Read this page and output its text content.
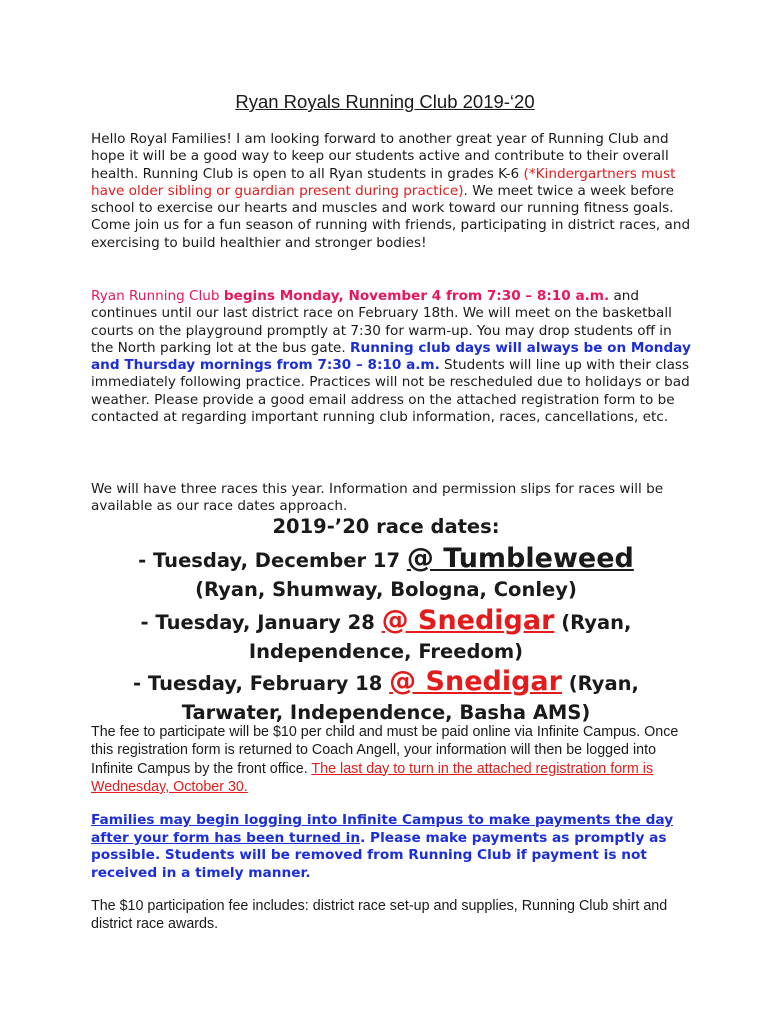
Ryan Royals Running Club 2019-‘20

Hello Royal Families! I am looking forward to another great year of Running Club and hope it will be a good way to keep our students active and contribute to their overall health. Running Club is open to all Ryan students in grades K-6 (*Kindergartners must have older sibling or guardian present during practice). We meet twice a week before school to exercise our hearts and muscles and work toward our running fitness goals. Come join us for a fun season of running with friends, participating in district races, and exercising to build healthier and stronger bodies!

Ryan Running Club begins Monday, November 4 from 7:30 – 8:10 a.m. and continues until our last district race on February 18th. We will meet on the basketball courts on the playground promptly at 7:30 for warm-up. You may drop students off in the North parking lot at the bus gate. Running club days will always be on Monday and Thursday mornings from 7:30 – 8:10 a.m. Students will line up with their class immediately following practice. Practices will not be rescheduled due to holidays or bad weather. Please provide a good email address on the attached registration form to be contacted at regarding important running club information, races, cancellations, etc.

We will have three races this year. Information and permission slips for races will be available as our race dates approach.

2019-’20 race dates:
- Tuesday, December 17 @ Tumbleweed
(Ryan, Shumway, Bologna, Conley)
- Tuesday, January 28 @ Snedigar (Ryan,
Independence, Freedom)
- Tuesday, February 18 @ Snedigar (Ryan,
Tarwater, Independence, Basha AMS)

The fee to participate will be $10 per child and must be paid online via Infinite Campus. Once this registration form is returned to Coach Angell, your information will then be logged into Infinite Campus by the front office. The last day to turn in the attached registration form is Wednesday, October 30.

Families may begin logging into Infinite Campus to make payments the day after your form has been turned in. Please make payments as promptly as possible. Students will be removed from Running Club if payment is not received in a timely manner.

The $10 participation fee includes: district race set-up and supplies, Running Club shirt and district race awards.
